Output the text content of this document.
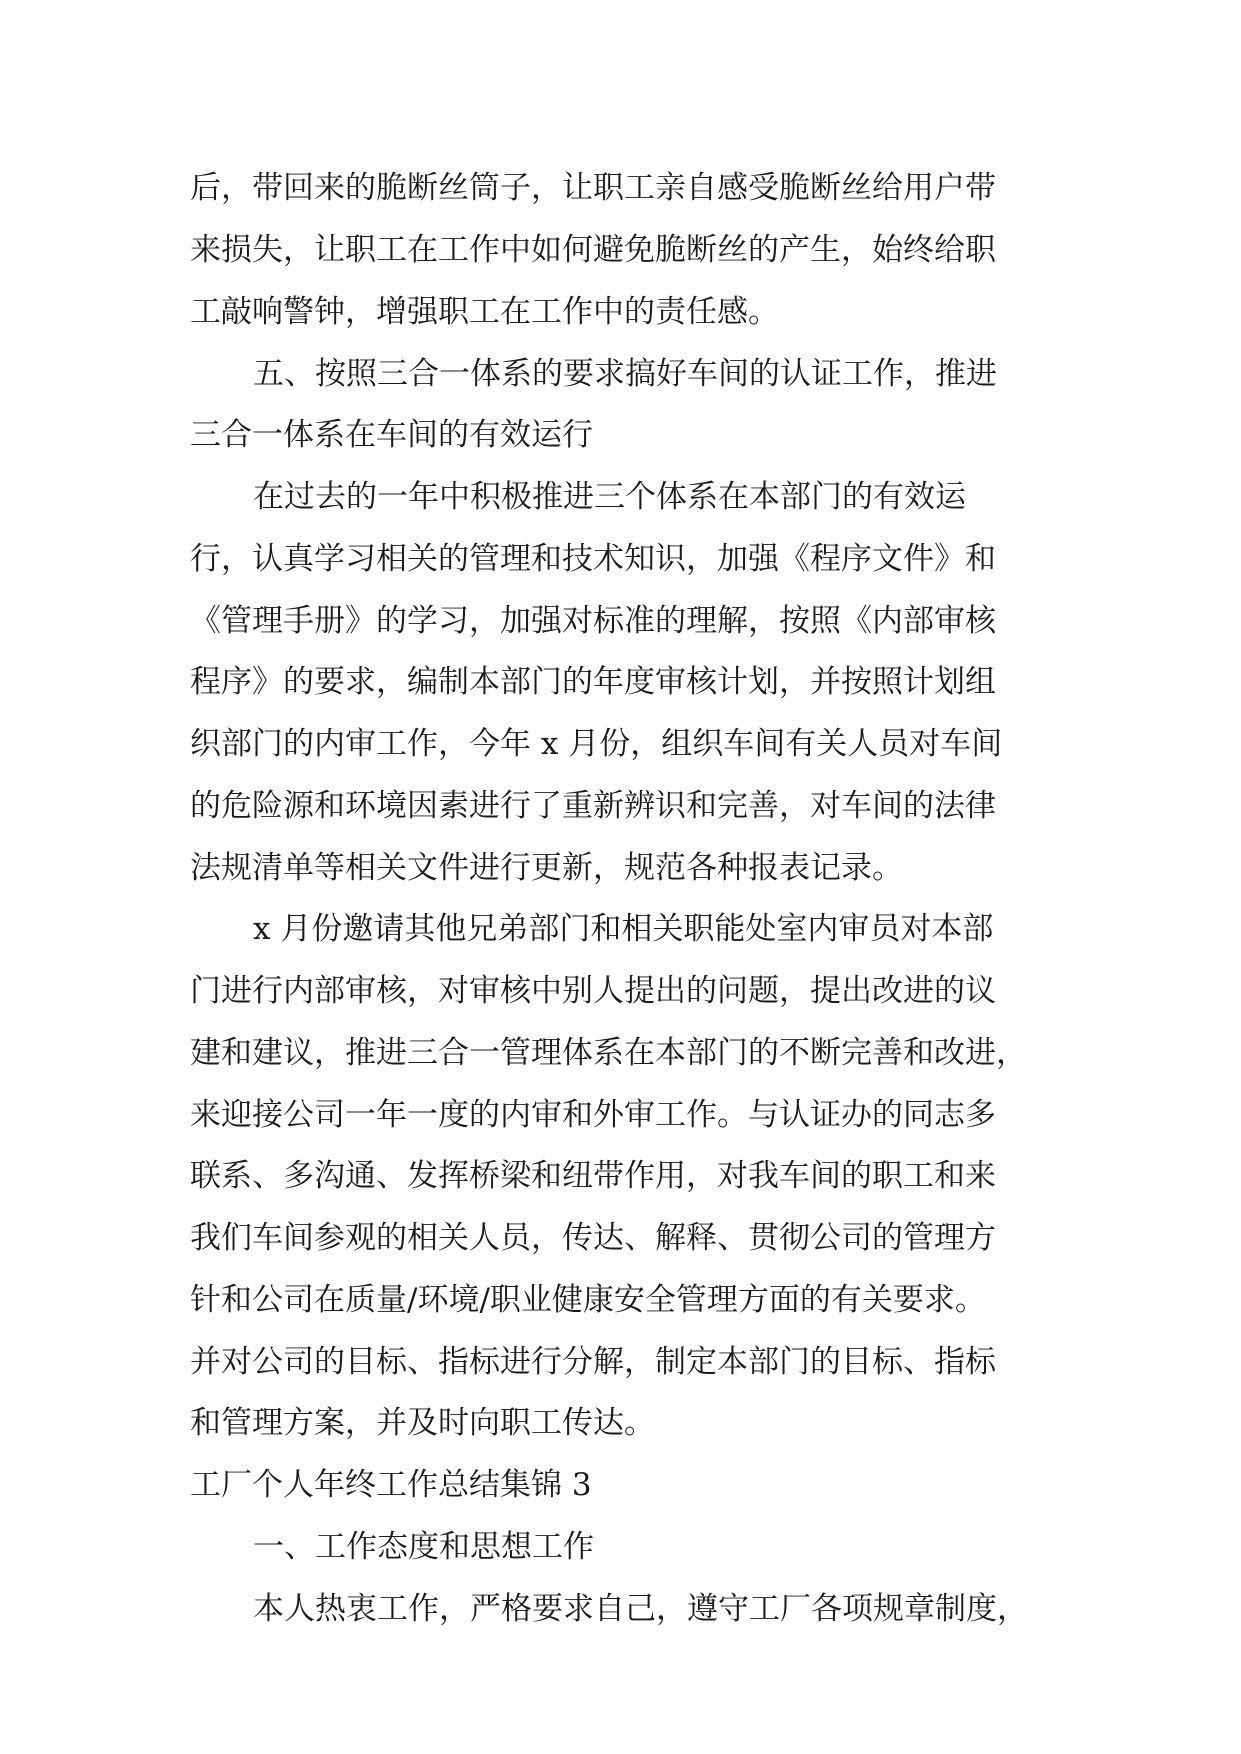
后，带回来的脆断丝筒子，让职工亲自感受脆断丝给用户带
来损失，让职工在工作中如何避免脆断丝的产生，始终给职
工敲响警钟，增强职工在工作中的责任感。
五、按照三合一体系的要求搞好车间的认证工作，推进
三合一体系在车间的有效运行
在过去的一年中积极推进三个体系在本部门的有效运
行，认真学习相关的管理和技术知识，加强《程序文件》和
《管理手册》的学习，加强对标准的理解，按照《内部审核
程序》的要求，编制本部门的年度审核计划，并按照计划组
织部门的内审工作，今年 x 月份，组织车间有关人员对车间
的危险源和环境因素进行了重新辨识和完善，对车间的法律
法规清单等相关文件进行更新，规范各种报表记录。
x 月份邀请其他兄弟部门和相关职能处室内审员对本部
门进行内部审核，对审核中别人提出的问题，提出改进的议
建和建议，推进三合一管理体系在本部门的不断完善和改进，
来迎接公司一年一度的内审和外审工作。与认证办的同志多
联系、多沟通、发挥桥梁和纽带作用，对我车间的职工和来
我们车间参观的相关人员，传达、解释、贯彻公司的管理方
针和公司在质量/环境/职业健康安全管理方面的有关要求。
并对公司的目标、指标进行分解，制定本部门的目标、指标
和管理方案，并及时向职工传达。
工厂个人年终工作总结集锦 3
一、工作态度和思想工作
本人热衷工作，严格要求自己，遵守工厂各项规章制度，
